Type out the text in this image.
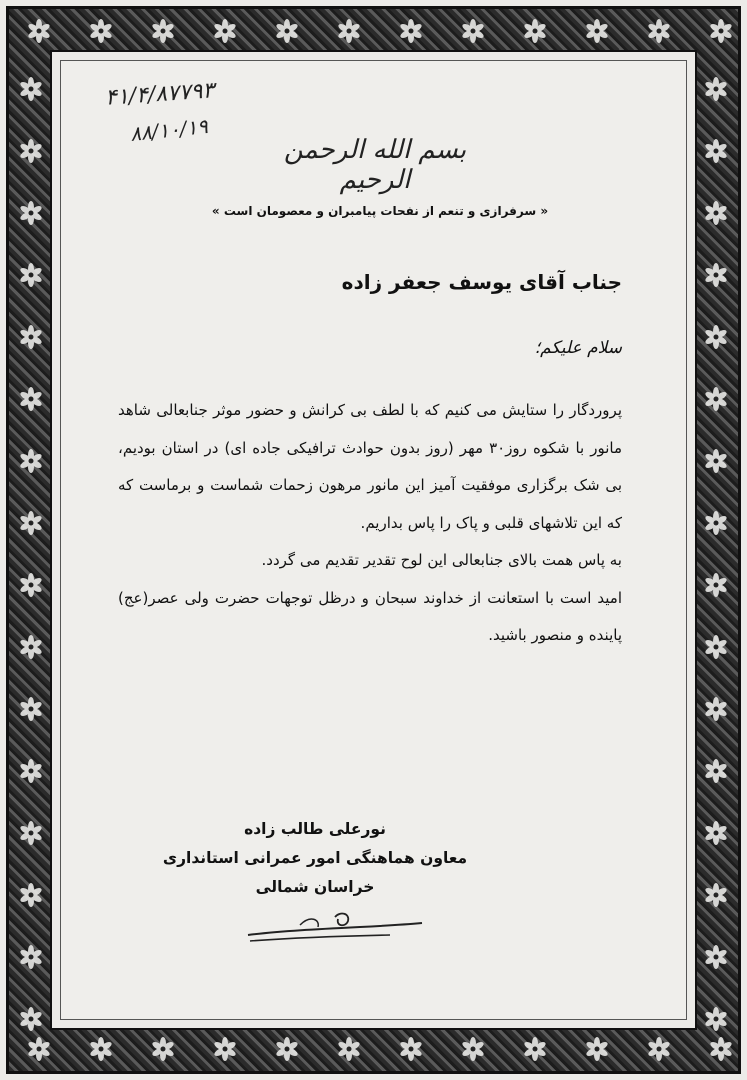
۴۱/۴/۸۷۷۹۳
۸۸/۱۰/۱۹
بسم الله الرحمن الرحیم
« سرفرازی و تنعم از نفحات پیامبران و معصومان است »
جناب آقای یوسف جعفر زاده
سلام علیکم؛

پروردگار را ستایش می کنیم که با لطف بی کرانش و حضور موثر جنابعالی شاهد مانور با شکوه روز۳۰ مهر (روز بدون حوادث ترافیکی جاده ای) در استان بودیم، بی شک برگزاری موفقیت آمیز این مانور مرهون زحمات شماست و برماست که که این تلاشهای قلبی و پاک را پاس بداریم.

به پاس همت بالای جنابعالی این لوح تقدیر تقدیم می گردد.

امید است با استعانت از خداوند سبحان و درظل توجهات حضرت ولی عصر(عج) پاینده و منصور باشید.

نورعلی طالب زاده
معاون هماهنگی امور عمرانی استانداری
خراسان شمالی
